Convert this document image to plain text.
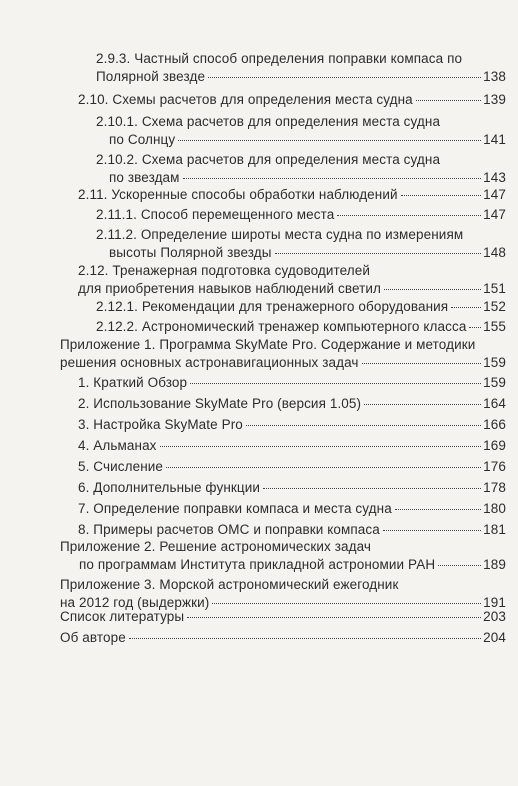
2.9.3. Частный способ определения поправки компаса по
Полярной звезде	138
2.10. Схемы расчетов для определения места судна	139
2.10.1. Схема расчетов для определения места судна
по Солнцу	141
2.10.2. Схема расчетов для определения места судна
по звездам	143
2.11. Ускоренные способы обработки наблюдений	147
2.11.1. Способ перемещенного места	147
2.11.2. Определение широты места судна по измерениям
высоты Полярной звезды	148
2.12. Тренажерная подготовка судоводителей
для приобретения навыков наблюдений светил	151
2.12.1. Рекомендации для тренажерного оборудования	152
2.12.2. Астрономический тренажер компьютерного класса 155
Приложение 1. Программа SkyMate Pro. Содержание и методики
решения основных астронавигационных задач	159
1. Краткий Обзор	159
2. Использование SkyMate Pro (версия 1.05)	164
3. Настройка SkyMate Pro	166
4. Альманах	169
5. Счисление	176
6. Дополнительные функции	178
7. Определение поправки компаса и места судна	180
8. Примеры расчетов ОМС и поправки компаса	181
Приложение 2. Решение астрономических задач
по программам Института прикладной астрономии РАН	189
Приложение 3. Морской астрономический ежегодник
на 2012 год (выдержки)	191
Список литературы	203
Об авторе	204
